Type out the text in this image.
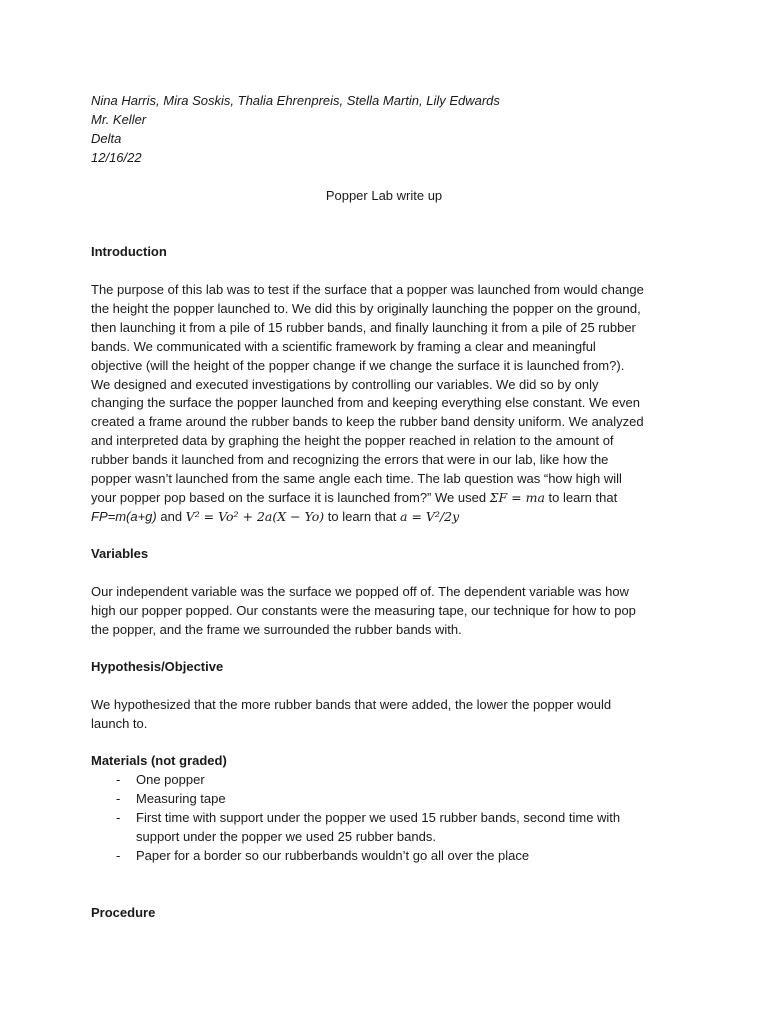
Nina Harris, Mira Soskis, Thalia Ehrenpreis, Stella Martin, Lily Edwards
Mr. Keller
Delta
12/16/22
Popper Lab write up
Introduction
The purpose of this lab was to test if the surface that a popper was launched from would change
the height the popper launched to. We did this by originally launching the popper on the ground,
then launching it from a pile of 15 rubber bands, and finally launching it from a pile of 25 rubber
bands. We communicated with a scientific framework by framing a clear and meaningful
objective (will the height of the popper change if we change the surface it is launched from?).
We designed and executed investigations by controlling our variables. We did so by only
changing the surface the popper launched from and keeping everything else constant. We even
created a frame around the rubber bands to keep the rubber band density uniform. We analyzed
and interpreted data by graphing the height the popper reached in relation to the amount of
rubber bands it launched from and recognizing the errors that were in our lab, like how the
popper wasn’t launched from the same angle each time. The lab question was “how high will
your popper pop based on the surface it is launched from?” We used ΣF = ma to learn that
FP=m(a+g) and V² = Vo² + 2a(X − Yo) to learn that a = V²/2y
Variables
Our independent variable was the surface we popped off of. The dependent variable was how
high our popper popped. Our constants were the measuring tape, our technique for how to pop
the popper, and the frame we surrounded the rubber bands with.
Hypothesis/Objective
We hypothesized that the more rubber bands that were added, the lower the popper would
launch to.
Materials (not graded)
- One popper
- Measuring tape
- First time with support under the popper we used 15 rubber bands, second time with
support under the popper we used 25 rubber bands.
- Paper for a border so our rubberbands wouldn’t go all over the place
Procedure
